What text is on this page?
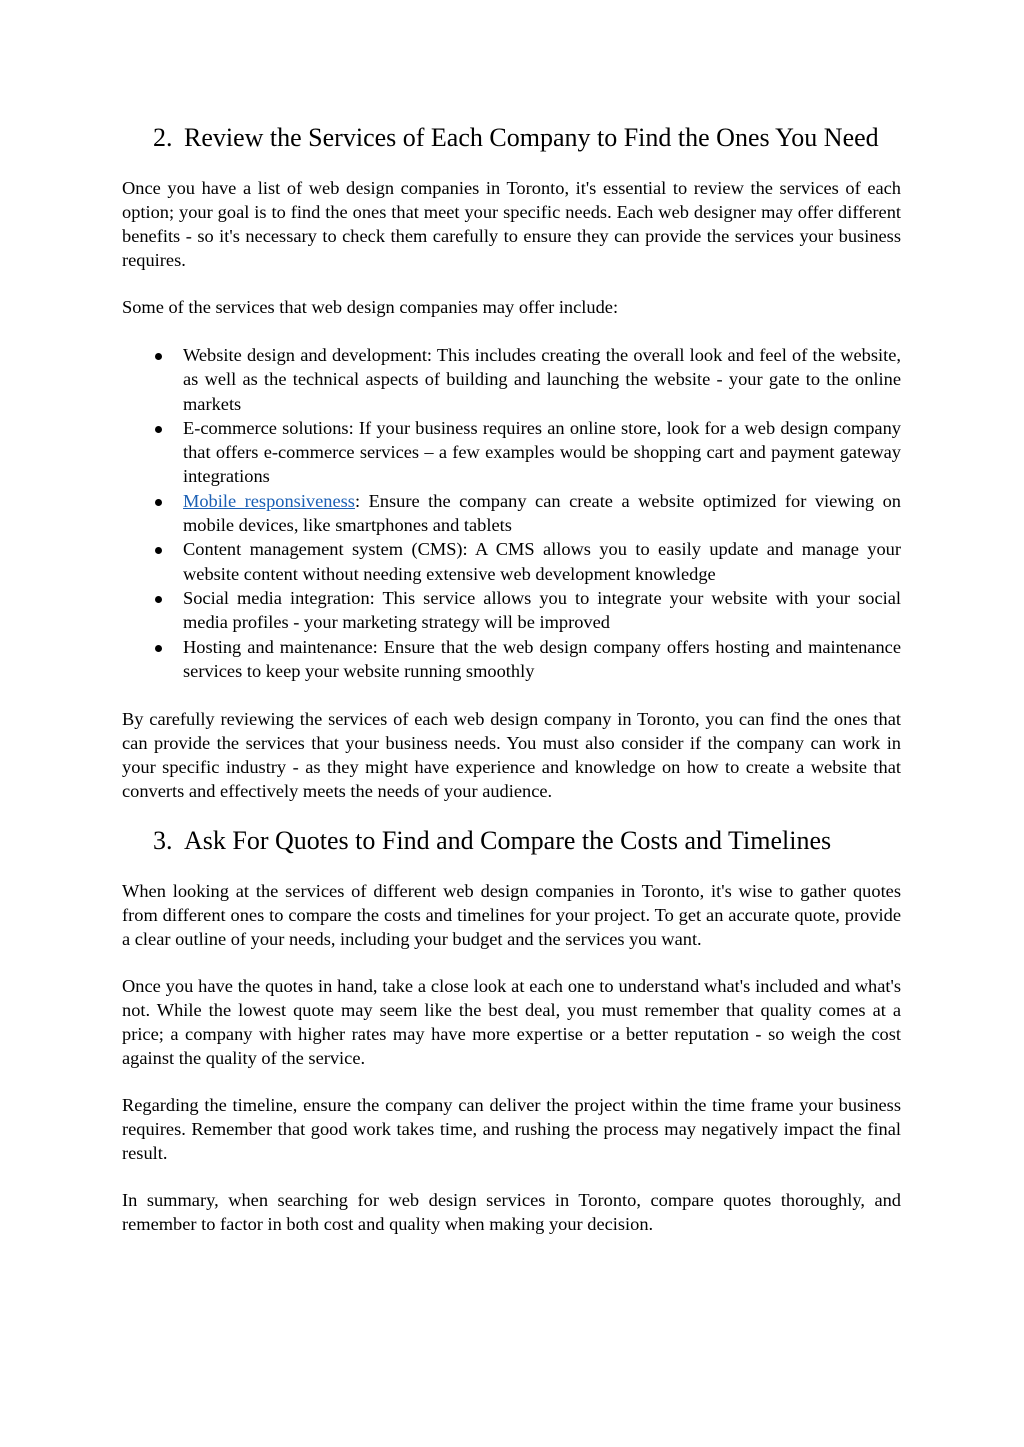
2. Review the Services of Each Company to Find the Ones You Need

Once you have a list of web design companies in Toronto, it's essential to review the services of each option; your goal is to find the ones that meet your specific needs. Each web designer may offer different benefits - so it's necessary to check them carefully to ensure they can provide the services your business requires.

Some of the services that web design companies may offer include:

Website design and development: This includes creating the overall look and feel of the website, as well as the technical aspects of building and launching the website - your gate to the online markets
E-commerce solutions: If your business requires an online store, look for a web design company that offers e-commerce services – a few examples would be shopping cart and payment gateway integrations
Mobile responsiveness: Ensure the company can create a website optimized for viewing on mobile devices, like smartphones and tablets
Content management system (CMS): A CMS allows you to easily update and manage your website content without needing extensive web development knowledge
Social media integration: This service allows you to integrate your website with your social media profiles - your marketing strategy will be improved
Hosting and maintenance: Ensure that the web design company offers hosting and maintenance services to keep your website running smoothly

By carefully reviewing the services of each web design company in Toronto, you can find the ones that can provide the services that your business needs. You must also consider if the company can work in your specific industry - as they might have experience and knowledge on how to create a website that converts and effectively meets the needs of your audience.

3. Ask For Quotes to Find and Compare the Costs and Timelines

When looking at the services of different web design companies in Toronto, it's wise to gather quotes from different ones to compare the costs and timelines for your project. To get an accurate quote, provide a clear outline of your needs, including your budget and the services you want.

Once you have the quotes in hand, take a close look at each one to understand what's included and what's not. While the lowest quote may seem like the best deal, you must remember that quality comes at a price; a company with higher rates may have more expertise or a better reputation - so weigh the cost against the quality of the service.

Regarding the timeline, ensure the company can deliver the project within the time frame your business requires. Remember that good work takes time, and rushing the process may negatively impact the final result.

In summary, when searching for web design services in Toronto, compare quotes thoroughly, and remember to factor in both cost and quality when making your decision.
